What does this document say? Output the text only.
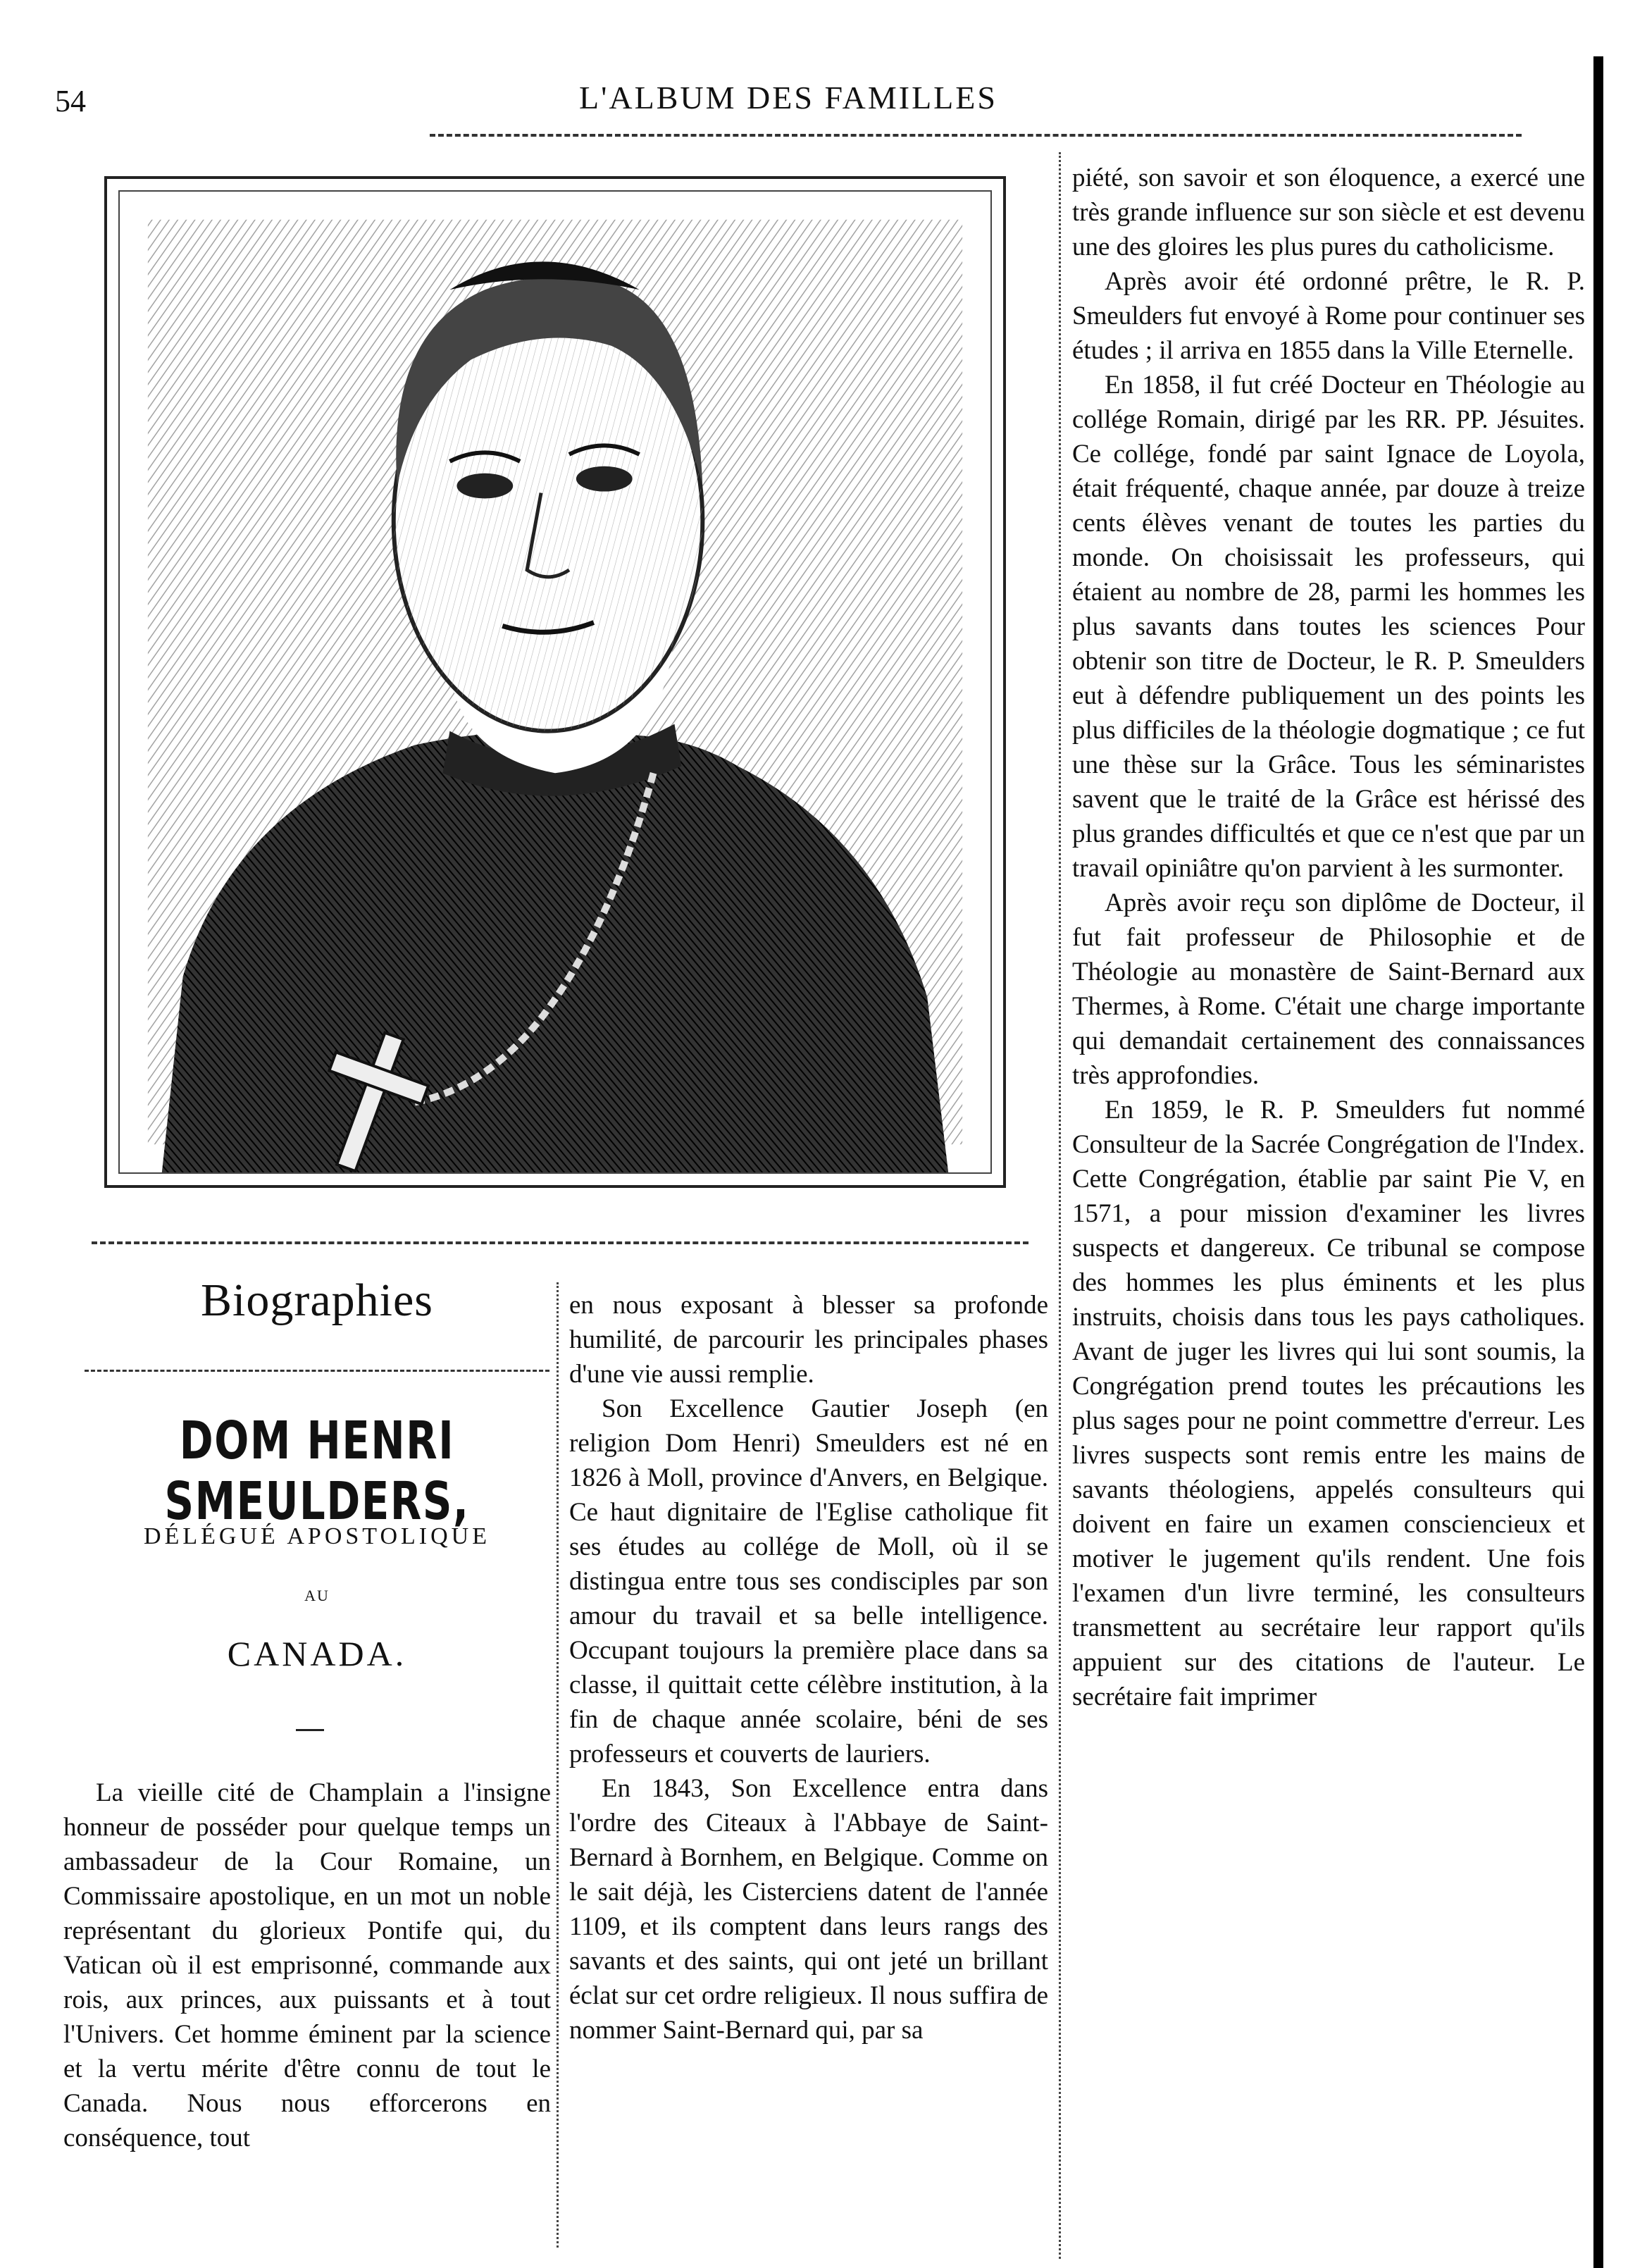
54	L'ALBUM DES FAMILLES
Biographies
DOM HENRI SMEULDERS,
DÉLÉGUÉ APOSTOLIQUE
AU
CANADA.

La vieille cité de Champlain a l'insigne honneur de posséder pour quelque temps un ambassadeur de la Cour Romaine, un Commissaire apostolique, en un mot un noble représentant du glorieux Pontife qui, du Vatican où il est emprisonné, commande aux rois, aux princes, aux puissants et à tout l'Univers. Cet homme éminent par la science et la vertu mérite d'être connu de tout le Canada. Nous nous efforcerons en conséquence, tout

en nous exposant à blesser sa profonde humilité, de parcourir les principales phases d'une vie aussi remplie.

Son Excellence Gautier Joseph (en religion Dom Henri) Smeulders est né en 1826 à Moll, province d'Anvers, en Belgique. Ce haut dignitaire de l'Eglise catholique fit ses études au collége de Moll, où il se distingua entre tous ses condisciples par son amour du travail et sa belle intelligence. Occupant toujours la première place dans sa classe, il quittait cette célèbre institution, à la fin de chaque année scolaire, béni de ses professeurs et couverts de lauriers.

En 1843, Son Excellence entra dans l'ordre des Citeaux à l'Abbaye de Saint-Bernard à Bornhem, en Belgique. Comme on le sait déjà, les Cisterciens datent de l'année 1109, et ils comptent dans leurs rangs des savants et des saints, qui ont jeté un brillant éclat sur cet ordre religieux. Il nous suffira de nommer Saint-Bernard qui, par sa

piété, son savoir et son éloquence, a exercé une très grande influence sur son siècle et est devenu une des gloires les plus pures du catholicisme.

Après avoir été ordonné prêtre, le R. P. Smeulders fut envoyé à Rome pour continuer ses études ; il arriva en 1855 dans la Ville Eternelle.

En 1858, il fut créé Docteur en Théologie au collége Romain, dirigé par les RR. PP. Jésuites. Ce collége, fondé par saint Ignace de Loyola, était fréquenté, chaque année, par douze à treize cents élèves venant de toutes les parties du monde. On choisissait les professeurs, qui étaient au nombre de 28, parmi les hommes les plus savants dans toutes les sciences Pour obtenir son titre de Docteur, le R. P. Smeulders eut à défendre publiquement un des points les plus difficiles de la théologie dogmatique ; ce fut une thèse sur la Grâce. Tous les séminaristes savent que le traité de la Grâce est hérissé des plus grandes difficultés et que ce n'est que par un travail opiniâtre qu'on parvient à les surmonter.

Après avoir reçu son diplôme de Docteur, il fut fait professeur de Philosophie et de Théologie au monastère de Saint-Bernard aux Thermes, à Rome. C'était une charge importante qui demandait certainement des connaissances très approfondies.

En 1859, le R. P. Smeulders fut nommé Consulteur de la Sacrée Congrégation de l'Index. Cette Congrégation, établie par saint Pie V, en 1571, a pour mission d'examiner les livres suspects et dangereux. Ce tribunal se compose des hommes les plus éminents et les plus instruits, choisis dans tous les pays catholiques. Avant de juger les livres qui lui sont soumis, la Congrégation prend toutes les précautions les plus sages pour ne point commettre d'erreur. Les livres suspects sont remis entre les mains de savants théologiens, appelés consulteurs qui doivent en faire un examen consciencieux et motiver le jugement qu'ils rendent. Une fois l'examen d'un livre terminé, les consulteurs transmettent au secrétaire leur rapport qu'ils appuient sur des citations de l'auteur. Le secrétaire fait imprimer
